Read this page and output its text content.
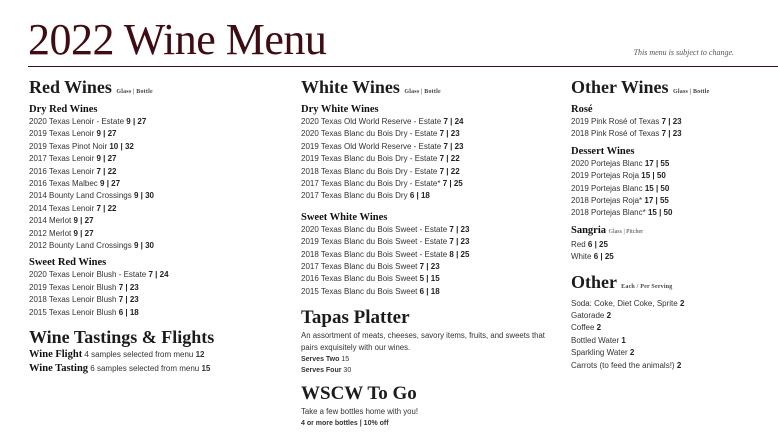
2022 Wine Menu	This menu is subject to change.
Red Wines Glass | Bottle
Dry Red Wines
2020 Texas Lenoir - Estate 9 | 27
2019 Texas Lenoir 9 | 27
2019 Texas Pinot Noir 10 | 32
2017 Texas Lenoir 9 | 27
2016 Texas Lenoir 7 | 22
2016 Texas Malbec 9 | 27
2014 Bounty Land Crossings 9 | 30
2014 Texas Lenoir 7 | 22
2014 Merlot 9 | 27
2012 Merlot 9 | 27
2012 Bounty Land Crossings 9 | 30
Sweet Red Wines
2020 Texas Lenoir Blush - Estate 7 | 24
2019 Texas Lenoir Blush 7 | 23
2018 Texas Lenoir Blush 7 | 23
2015 Texas Lenoir Blush 6 | 18
Wine Tastings & Flights
Wine Flight 4 samples selected from menu 12
Wine Tasting 6 samples selected from menu 15
White Wines Glass | Bottle
Dry White Wines
2020 Texas Old World Reserve - Estate 7 | 24
2020 Texas Blanc du Bois Dry - Estate 7 | 23
2019 Texas Old World Reserve - Estate 7 | 23
2019 Texas Blanc du Bois Dry - Estate 7 | 22
2018 Texas Blanc du Bois Dry - Estate 7 | 22
2017 Texas Blanc du Bois Dry - Estate* 7 | 25
2017 Texas Blanc du Bois Dry 6 | 18
Sweet White Wines
2020 Texas Blanc du Bois Sweet - Estate 7 | 23
2019 Texas Blanc du Bois Sweet - Estate 7 | 23
2018 Texas Blanc du Bois Sweet - Estate 8 | 25
2017 Texas Blanc du Bois Sweet 7 | 23
2016 Texas Blanc du Bois Sweet 5 | 15
2015 Texas Blanc du Bois Sweet 6 | 18
Tapas Platter

An assortment of meats, cheeses, savory items, fruits, and sweets that pairs exquisitely with our wines.

Serves Two 15

Serves Four 30

WSCW To Go

Take a few bottles home with you!

4 or more bottles | 10% off

Other Wines Glass | Bottle
Rosé
2019 Pink Rosé of Texas 7 | 23
2018 Pink Rosé of Texas 7 | 23
Dessert Wines
2020 Portejas Blanc 17 | 55
2019 Portejas Roja 15 | 50
2019 Portejas Blanc 15 | 50
2018 Portejas Roja* 17 | 55
2018 Portejas Blanc* 15 | 50
Sangria Glass | Pitcher
Red 6 | 25
White 6 | 25
Other Each / Per Serving
Soda: Coke, Diet Coke, Sprite 2
Gatorade 2
Coffee 2
Bottled Water 1
Sparkling Water 2
Carrots (to feed the animals!) 2
